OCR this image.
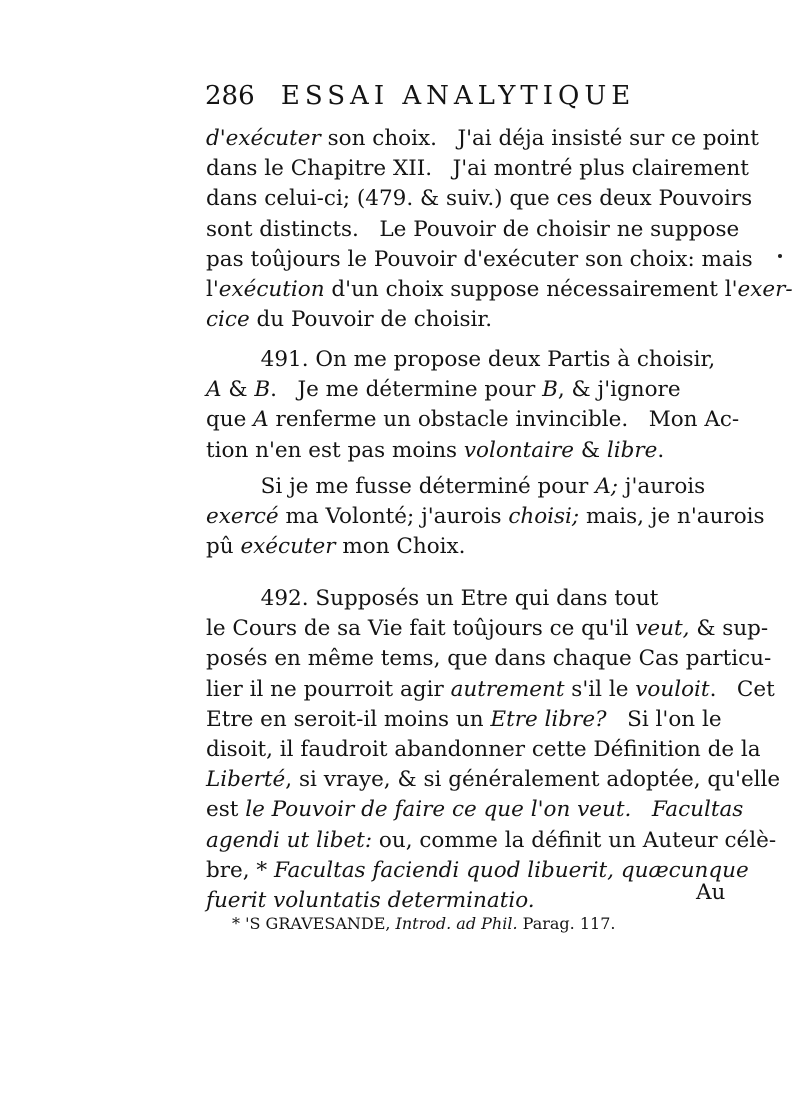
286 ESSAI ANALYTIQUE
d'exécuter son choix.   J'ai déja insisté sur ce point
dans le Chapitre XII.   J'ai montré plus clairement
dans celui-ci; (479. & suiv.) que ces deux Pouvoirs
sont distincts.   Le Pouvoir de choisir ne suppose
pas toûjours le Pouvoir d'exécuter son choix: mais
l'exécution d'un choix suppose nécessairement l'exer-
cice du Pouvoir de choisir.
491. On me propose deux Partis à choisir,
A & B.   Je me détermine pour B, & j'ignore
que A renferme un obstacle invincible.   Mon Ac-
tion n'en est pas moins volontaire & libre.
Si je me fusse déterminé pour A; j'aurois
exercé ma Volonté; j'aurois choisi; mais, je n'aurois
pû exécuter mon Choix.
492. Supposés un Etre qui dans tout
le Cours de sa Vie fait toûjours ce qu'il veut, & sup-
posés en même tems, que dans chaque Cas particu-
lier il ne pourroit agir autrement s'il le vouloit.   Cet
Etre en seroit-il moins un Etre libre?   Si l'on le
disoit, il faudroit abandonner cette Définition de la
Liberté, si vraye, & si généralement adoptée, qu'elle
est le Pouvoir de faire ce que l'on veut.   Facultas
agendi ut libet: ou, comme la définit un Auteur célè-
bre, * Facultas faciendi quod libuerit, quæcunque
fuerit voluntatis determinatio.	Au
* 'S GRAVESANDE, Introd. ad Phil. Parag. 117.
